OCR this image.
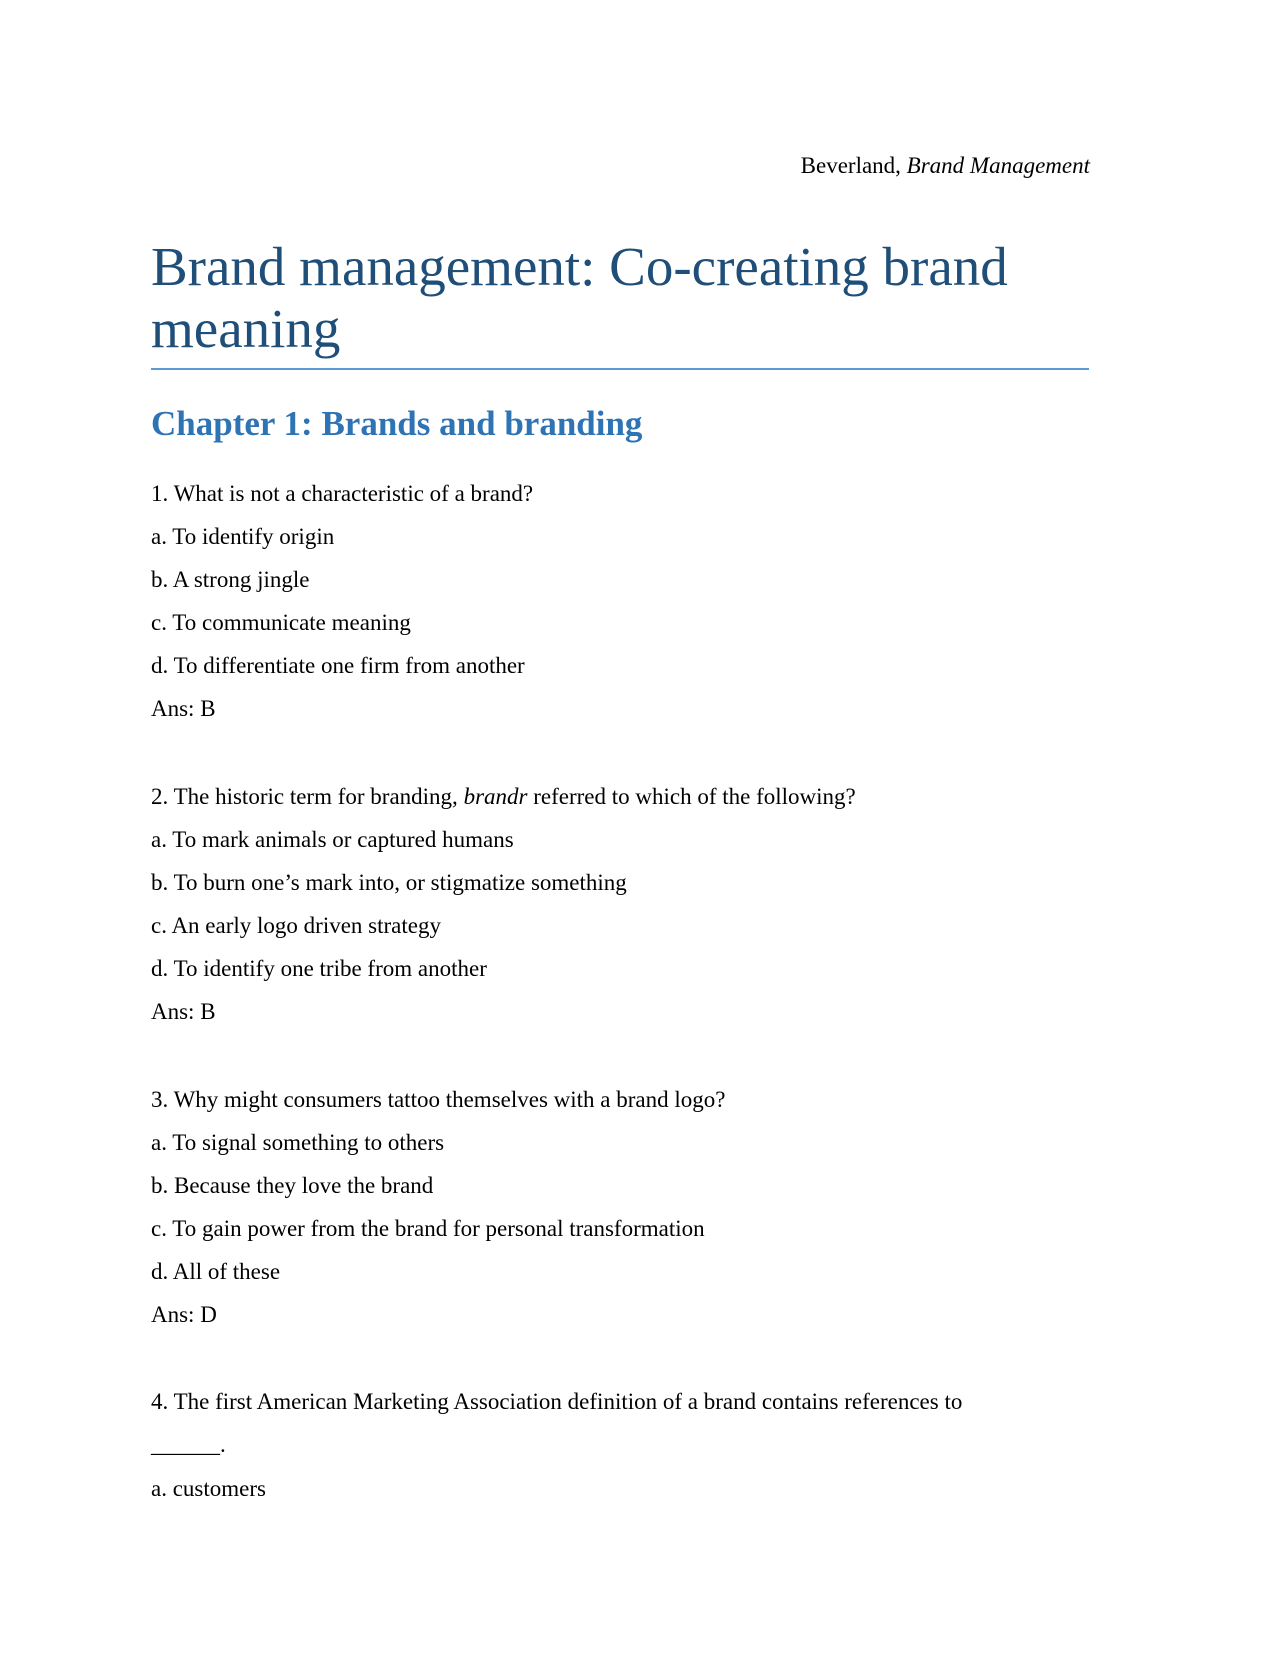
Beverland, Brand Management
Brand management: Co-creating brand meaning
Chapter 1: Brands and branding
1. What is not a characteristic of a brand?
a. To identify origin
b. A strong jingle
c. To communicate meaning
d. To differentiate one firm from another
Ans: B
2. The historic term for branding, brandr referred to which of the following?
a. To mark animals or captured humans
b. To burn one’s mark into, or stigmatize something
c. An early logo driven strategy
d. To identify one tribe from another
Ans: B
3. Why might consumers tattoo themselves with a brand logo?
a. To signal something to others
b. Because they love the brand
c. To gain power from the brand for personal transformation
d. All of these
Ans: D
4. The first American Marketing Association definition of a brand contains references to
______.
a. customers
